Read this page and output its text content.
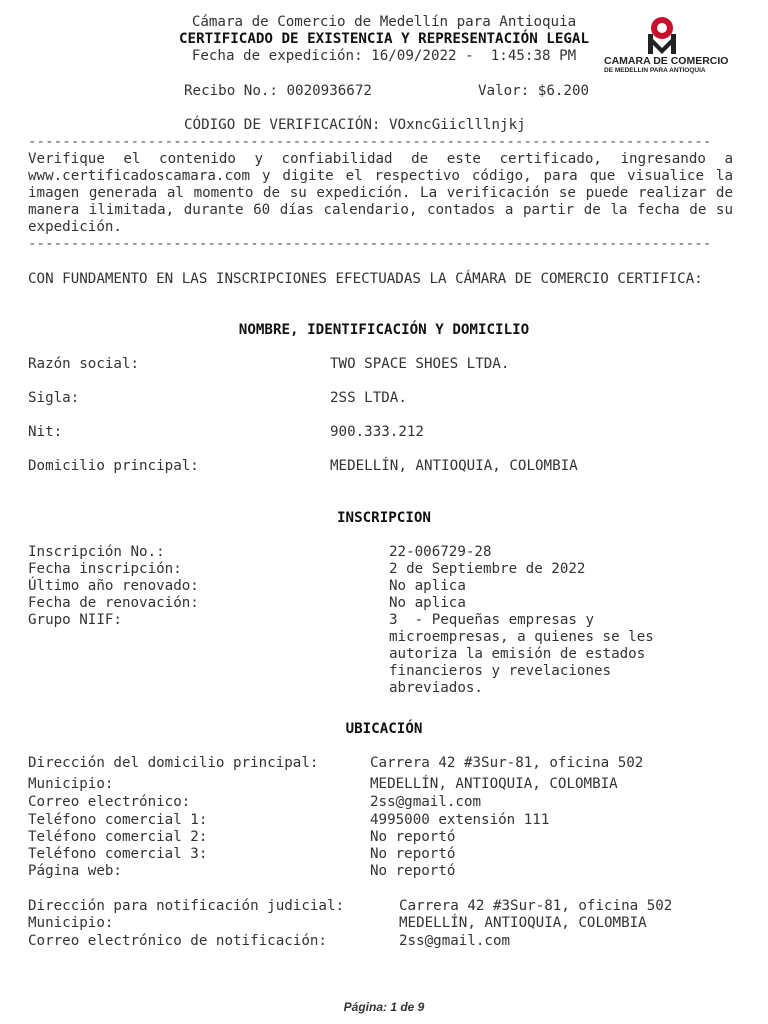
Cámara de Comercio de Medellín para Antioquia
CERTIFICADO DE EXISTENCIA Y REPRESENTACIÓN LEGAL
Fecha de expedición: 16/09/2022 -  1:45:38 PM	CAMARA DE COMERCIO
DE MEDELLIN PARA ANTIOQUIA
Recibo No.: 0020936672	Valor: $6.200
CÓDIGO DE VERIFICACIÓN: VOxncGiiclllnjkj
--------------------------------------------------------------------------------
Verifique el contenido y confiabilidad de este certificado, ingresando a www.certificadoscamara.com y digite el respectivo código, para que visualice la imagen generada al momento de su expedición. La verificación se puede realizar de manera ilimitada, durante 60 días calendario, contados a partir de la fecha de su expedición.
--------------------------------------------------------------------------------
CON FUNDAMENTO EN LAS INSCRIPCIONES EFECTUADAS LA CÁMARA DE COMERCIO CERTIFICA:
NOMBRE, IDENTIFICACIÓN Y DOMICILIO
Razón social:	TWO SPACE SHOES LTDA.
Sigla:	2SS LTDA.
Nit:	900.333.212
Domicilio principal:	MEDELLÍN, ANTIOQUIA, COLOMBIA
INSCRIPCION
Inscripción No.:	22-006729-28
Fecha inscripción:	2 de Septiembre de 2022
Último año renovado:	No aplica
Fecha de renovación:	No aplica
Grupo NIIF:	3  - Pequeñas empresas y
microempresas, a quienes se les
autoriza la emisión de estados
financieros y revelaciones
abreviados.
UBICACIÓN
Dirección del domicilio principal:	Carrera 42 #3Sur-81, oficina 502
Municipio:	MEDELLÍN, ANTIOQUIA, COLOMBIA
Correo electrónico:	2ss@gmail.com
Teléfono comercial 1:	4995000 extensión 111
Teléfono comercial 2:	No reportó
Teléfono comercial 3:	No reportó
Página web:	No reportó
Dirección para notificación judicial:	Carrera 42 #3Sur-81, oficina 502
Municipio:	MEDELLÍN, ANTIOQUIA, COLOMBIA
Correo electrónico de notificación:	2ss@gmail.com
Página: 1 de 9
